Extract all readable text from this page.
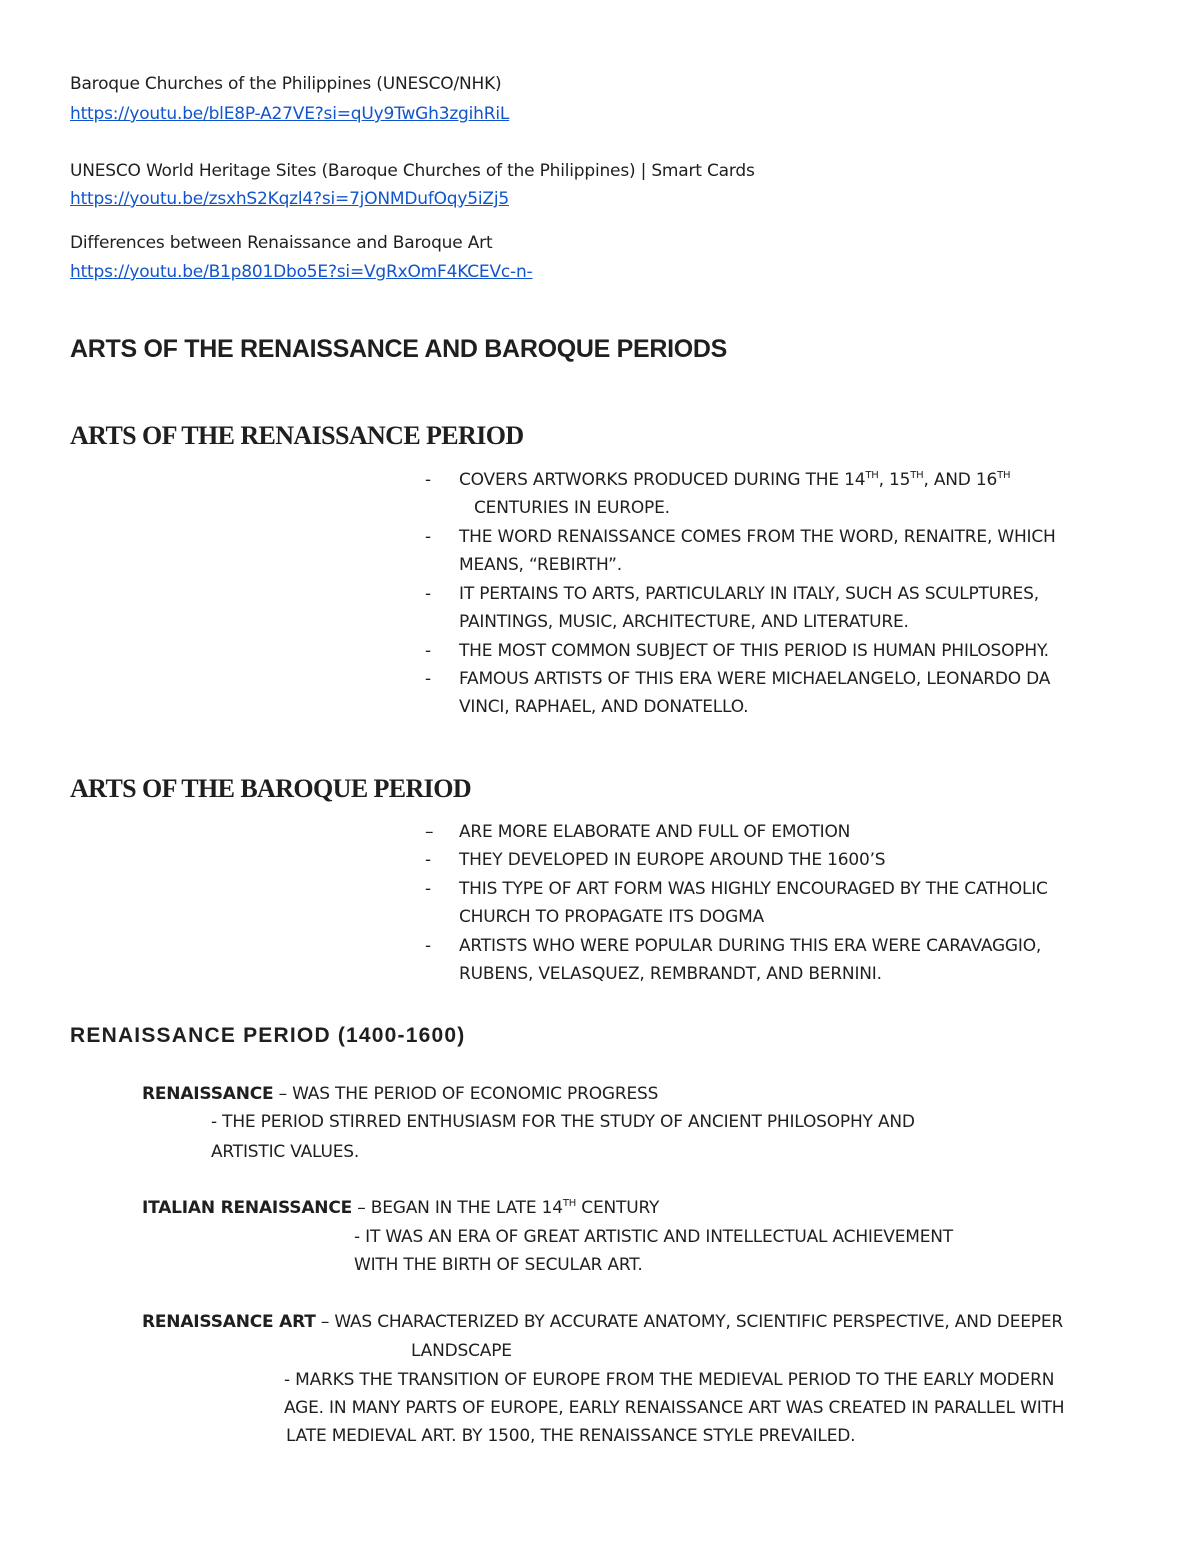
Baroque Churches of the Philippines (UNESCO/NHK)
https://youtu.be/blE8P-A27VE?si=qUy9TwGh3zgihRiL
UNESCO World Heritage Sites (Baroque Churches of the Philippines) | Smart Cards
https://youtu.be/zsxhS2Kqzl4?si=7jONMDufOqy5iZj5
Differences between Renaissance and Baroque Art
https://youtu.be/B1p801Dbo5E?si=VgRxOmF4KCEVc-n-
ARTS OF THE RENAISSANCE AND BAROQUE PERIODS
ARTS OF THE RENAISSANCE PERIOD
- COVERS ARTWORKS PRODUCED DURING THE 14TH, 15TH, AND 16TH
CENTURIES IN EUROPE.
- THE WORD RENAISSANCE COMES FROM THE WORD, RENAITRE, WHICH
MEANS, “REBIRTH”.
- IT PERTAINS TO ARTS, PARTICULARLY IN ITALY, SUCH AS SCULPTURES,
PAINTINGS, MUSIC, ARCHITECTURE, AND LITERATURE.
- THE MOST COMMON SUBJECT OF THIS PERIOD IS HUMAN PHILOSOPHY.
- FAMOUS ARTISTS OF THIS ERA WERE MICHAELANGELO, LEONARDO DA
VINCI, RAPHAEL, AND DONATELLO.
ARTS OF THE BAROQUE PERIOD
– ARE MORE ELABORATE AND FULL OF EMOTION
- THEY DEVELOPED IN EUROPE AROUND THE 1600’S
- THIS TYPE OF ART FORM WAS HIGHLY ENCOURAGED BY THE CATHOLIC
CHURCH TO PROPAGATE ITS DOGMA
- ARTISTS WHO WERE POPULAR DURING THIS ERA WERE CARAVAGGIO,
RUBENS, VELASQUEZ, REMBRANDT, AND BERNINI.
RENAISSANCE PERIOD (1400-1600)
RENAISSANCE – WAS THE PERIOD OF ECONOMIC PROGRESS
- THE PERIOD STIRRED ENTHUSIASM FOR THE STUDY OF ANCIENT PHILOSOPHY AND
ARTISTIC VALUES.
ITALIAN RENAISSANCE – BEGAN IN THE LATE 14TH CENTURY
- IT WAS AN ERA OF GREAT ARTISTIC AND INTELLECTUAL ACHIEVEMENT
WITH THE BIRTH OF SECULAR ART.
RENAISSANCE ART – WAS CHARACTERIZED BY ACCURATE ANATOMY, SCIENTIFIC PERSPECTIVE, AND DEEPER
LANDSCAPE
- MARKS THE TRANSITION OF EUROPE FROM THE MEDIEVAL PERIOD TO THE EARLY MODERN
AGE. IN MANY PARTS OF EUROPE, EARLY RENAISSANCE ART WAS CREATED IN PARALLEL WITH
LATE MEDIEVAL ART. BY 1500, THE RENAISSANCE STYLE PREVAILED.
